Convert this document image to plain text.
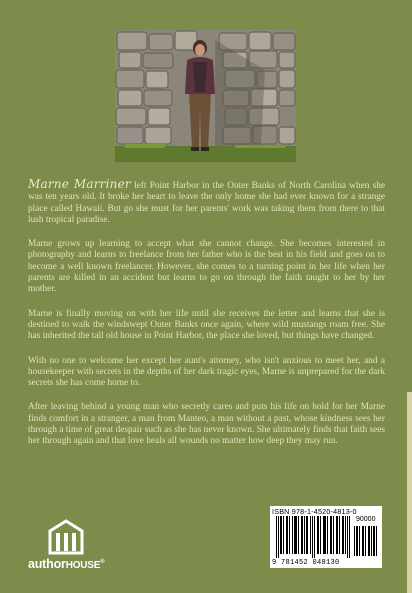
Marne Marriner left Point Harbor in the Outer Banks of North Carolina when she was ten years old. It broke her heart to leave the only home she had ever known for a strange place called Hawaii. But go she must for her parents' work was taking them from there to that lush tropical paradise.

Marne grows up learning to accept what she cannot change. She becomes interested in photography and learns to freelance from her father who is the best in his field and goes on to become a well known freelancer. However, she comes to a turning point in her life when her parents are killed in an accident but learns to go on through the faith taught to her by her mother.

Marne is finally moving on with her life until she receives the letter and learns that she is destined to walk the windswept Outer Banks once again, where wild mustangs roam free. She has inherited the tall old house in Point Harbor, the place she loved, but things have changed.

With no one to welcome her except her aunt's attorney, who isn't anxious to meet her, and a housekeeper with secrets in the depths of her dark tragic eyes, Marne is unprepared for the dark secrets she has come home to.

After leaving behind a young man who secretly cares and puts his life on hold for her Marne finds comfort in a stranger, a man from Manteo, a man without a past, whose kindness sees her through a time of great despair such as she has never known. She ultimately finds that faith sees her through again and that love heals all wounds no matter how deep they may run.

authorHOUSE®
ISBN 978-1-4520-4813-0
90000
9 781452 048130
